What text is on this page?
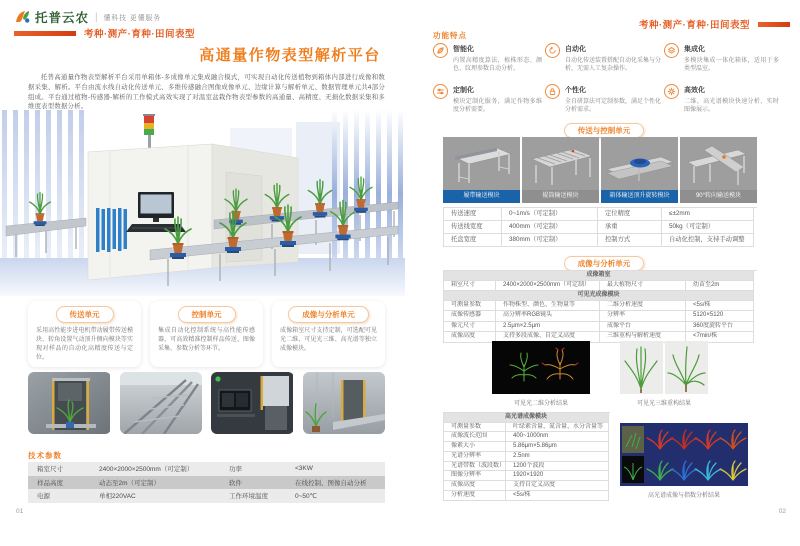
托普云农 | 懂科技 更懂服务
考种·测产·育种·田间表型
高通量作物表型解析平台
托普高通量作物表型解析平台采用单箱体-多成像单元集成融合模式，可实现自动化传送植物到箱体内部进行成像和数据采集、解析。平台由流水线自动化传送单元、多维传感融合图像成像单元、边缘计算与解析单元、数据管理单元共4部分组成。平台通过植物-传感器-解析的工作模式高效实现了对温室盆栽作物表型参数的高通量、高精度、无损化数据采集和多维度表型数据分析。
传送单元
采用高性能步进电机带动履带传送模块、转角设置气动顶升侧向模块等实现对样品的自动化高精度传送与定位。
控制单元
集成自动化控制系统与高性能传感器，可高效精准控制样品传送、图像采集、参数分析等环节。
成像与分析单元
成像箱室尺寸支持定制，可选配可见光二维、可见光三维、高光谱等独立成像模块。
技术参数
箱室尺寸	2400×2000×2500mm（可定制）	功率	<3KW
样品高度	动态至2m（可定制）	软件	在线控制、图像自动分析
电源	单相220VAC	工作环境温度	0~50℃
01
考种·测产·育种·田间表型
功能特点
智能化
内置高精度算法，植株形态、颜色、纹理参数自动分析。
自动化
自动化传送装置搭配自动化采集与分析，无需人工复杂操作。
集成化
多模块集成一体化箱体，适用于多类型温室。
定制化
模块定制化服务，满足作物多维度分析需要。
个性化
全自研算法可定制参数，满足个性化分析需求。
高效化
二维、高光谱模块快速分析，实时图像展示。
传送与控制单元
履带输送模块	辊筒输送模块	箱体输送顶升旋转模块	90°转向输送模块
传送速度	0~1m/s（可定制）	定位精度	≤±2mm
传送线宽度	400mm（可定制）	承重	50kg（可定制）
托盘宽度	380mm（可定制）	控制方式	自动化控制，支持手动调整
成像与分析单元
成像箱室
箱室尺寸	2400×2000×2500mm（可定制）	最大植物尺寸	幼苗至2m
可见光成像模块
可测量参数	作物株型、颜色、生物量等	二维分析速度	<5s/株
成像传感器	高分辨率RGB镜头	分辨率	5120×5120
像元尺寸	2.5μm×2.5μm	成像平台	360度旋转平台
成像高度	支持多段成像、自定义高度	三维重构与解析速度	<7min/株
可见光二维分析结果	可见光三维重构结果
高光谱成像模块
可测量参数	叶绿素含量、氮含量、水分含量等
成像波长范围	400~1000nm
像素大小	5.86μm×5.86μm
光谱分辨率	2.5nm
光谱带数（波段数）	1200个波段
图像分辨率	1920×1920
成像高度	支持自定义高度
分析速度	<5s/株	高光谱成像与指数分析结果
02
